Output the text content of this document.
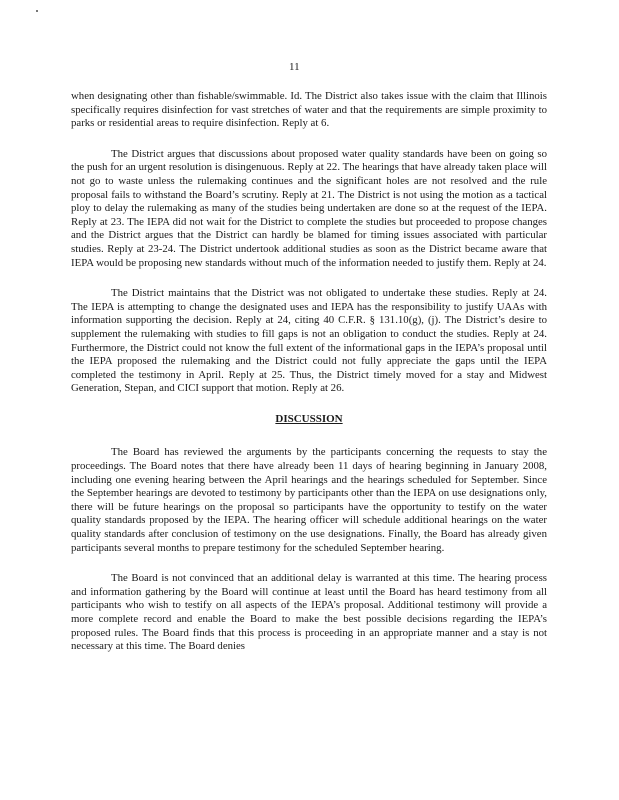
11

when designating other than fishable/swimmable. Id. The District also takes issue with the claim that Illinois specifically requires disinfection for vast stretches of water and that the requirements are simple proximity to parks or residential areas to require disinfection. Reply at 6.

The District argues that discussions about proposed water quality standards have been on going so the push for an urgent resolution is disingenuous. Reply at 22. The hearings that have already taken place will not go to waste unless the rulemaking continues and the significant holes are not resolved and the rule proposal fails to withstand the Board’s scrutiny. Reply at 21. The District is not using the motion as a tactical ploy to delay the rulemaking as many of the studies being undertaken are done so at the request of the IEPA. Reply at 23. The IEPA did not wait for the District to complete the studies but proceeded to propose changes and the District argues that the District can hardly be blamed for timing issues associated with particular studies. Reply at 23-24. The District undertook additional studies as soon as the District became aware that IEPA would be proposing new standards without much of the information needed to justify them. Reply at 24.

The District maintains that the District was not obligated to undertake these studies. Reply at 24. The IEPA is attempting to change the designated uses and IEPA has the responsibility to justify UAAs with information supporting the decision. Reply at 24, citing 40 C.F.R. § 131.10(g), (j). The District’s desire to supplement the rulemaking with studies to fill gaps is not an obligation to conduct the studies. Reply at 24. Furthermore, the District could not know the full extent of the informational gaps in the IEPA’s proposal until the IEPA proposed the rulemaking and the District could not fully appreciate the gaps until the IEPA completed the testimony in April. Reply at 25. Thus, the District timely moved for a stay and Midwest Generation, Stepan, and CICI support that motion. Reply at 26.

DISCUSSION

The Board has reviewed the arguments by the participants concerning the requests to stay the proceedings. The Board notes that there have already been 11 days of hearing beginning in January 2008, including one evening hearing between the April hearings and the hearings scheduled for September. Since the September hearings are devoted to testimony by participants other than the IEPA on use designations only, there will be future hearings on the proposal so participants have the opportunity to testify on the water quality standards proposed by the IEPA. The hearing officer will schedule additional hearings on the water quality standards after conclusion of testimony on the use designations. Finally, the Board has already given participants several months to prepare testimony for the scheduled September hearing.

The Board is not convinced that an additional delay is warranted at this time. The hearing process and information gathering by the Board will continue at least until the Board has heard testimony from all participants who wish to testify on all aspects of the IEPA’s proposal. Additional testimony will provide a more complete record and enable the Board to make the best possible decisions regarding the IEPA’s proposed rules. The Board finds that this process is proceeding in an appropriate manner and a stay is not necessary at this time. The Board denies
